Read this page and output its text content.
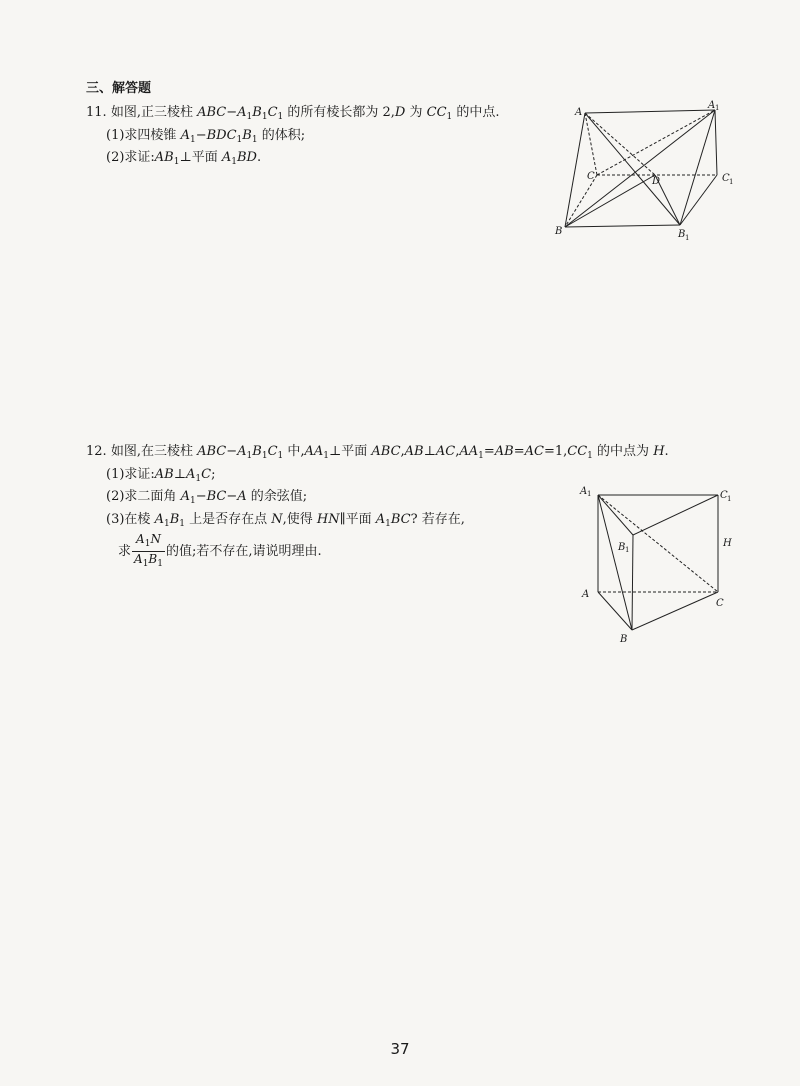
三、解答题
11. 如图,正三棱柱 $ABC-A_1B_1C_1$ 的所有棱长都为 2,D 为 $CC_1$ 的中点.
(1)求四棱锥 $A_1-BDC_1B_1$ 的体积;
(2)求证$:AB_1\perp$平面 $A_1BD$.
A
A 1
C	D	C 1
B	B 1
12. 如图,在三棱柱 $ABC-A_1B_1C_1$ 中$,AA_1\perp$平面 $ABC,AB\perp AC,AA_1=AB=AC=1,CC_1$ 的中点为 H.
(1)求证$:AB\perp A_1C$;
(2)求二面角 $A_1-BC-A$ 的余弦值;
(3)在棱 $A_1B_1$ 上是否存在点 N,使得 HN∥平面 $A_1BC$? 若存在,
求 $\frac{A_1N}{A_1B_1}$ 的值;若不存在,请说明理由.
A 1	C 1
B 1
H
A
C
B
37
